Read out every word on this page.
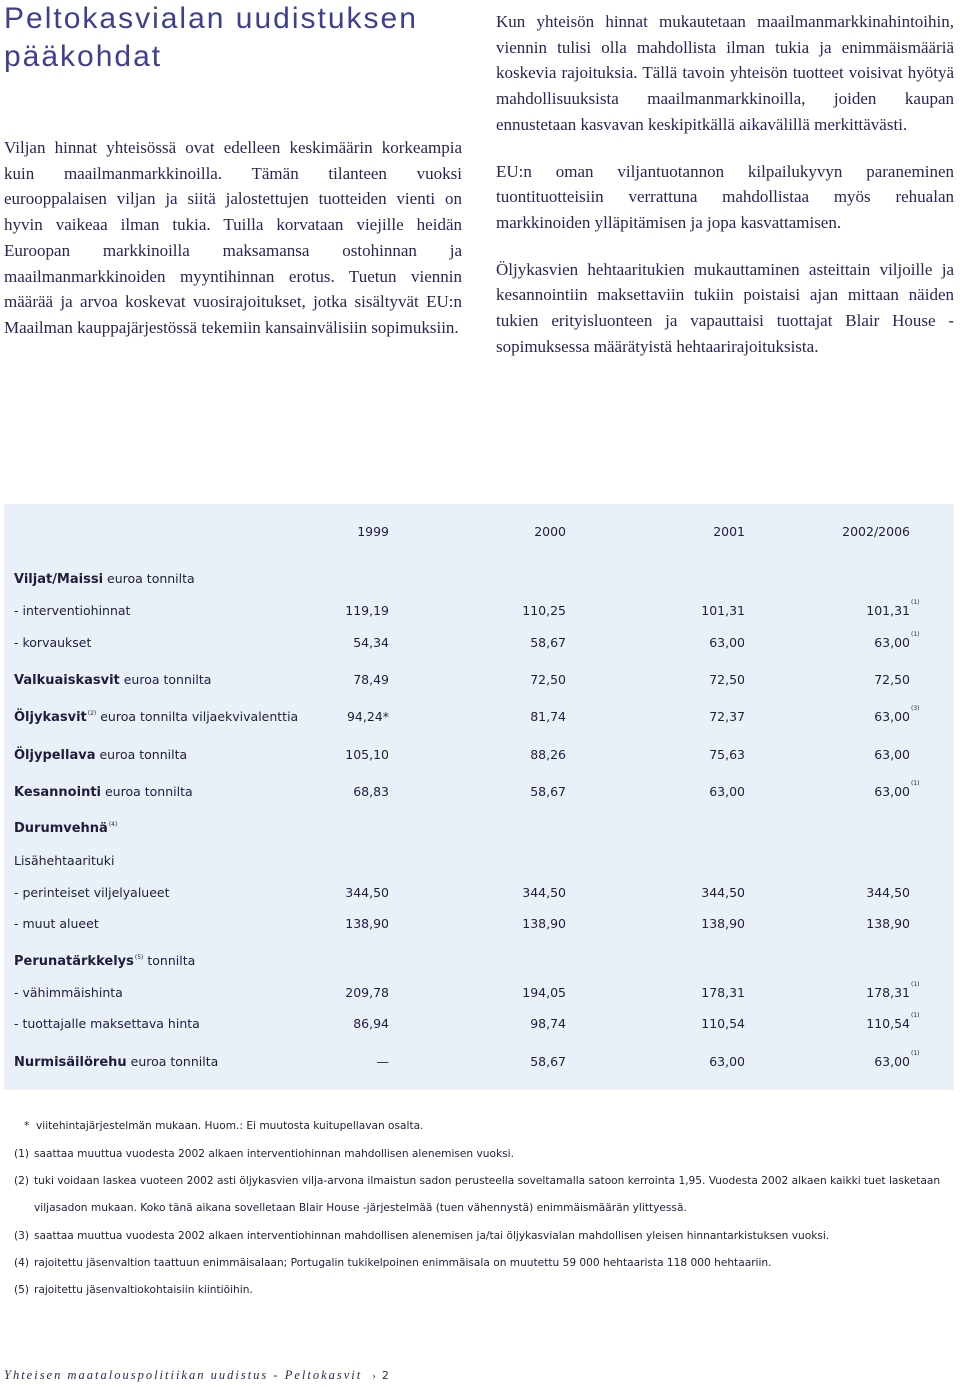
Peltokasvialan uudistuksen pääkohdat

Viljan hinnat yhteisössä ovat edelleen keskimäärin korkeampia kuin maailmanmarkkinoilla. Tämän tilanteen vuoksi eurooppalaisen viljan ja siitä jalostettujen tuotteiden vienti on hyvin vaikeaa ilman tukia. Tuilla korvataan viejille heidän Euroopan markkinoilla maksamansa ostohinnan ja maailmanmarkkinoiden myyntihinnan erotus. Tuetun viennin määrää ja arvoa koskevat vuosirajoitukset, jotka sisältyvät EU:n Maailman kauppajärjestössä tekemiin kansainvälisiin sopimuksiin.

Kun yhteisön hinnat mukautetaan maailmanmarkkinahintoihin, viennin tulisi olla mahdollista ilman tukia ja enimmäismääriä koskevia rajoituksia. Tällä tavoin yhteisön tuotteet voisivat hyötyä mahdollisuuksista maailmanmarkkinoilla, joiden kaupan ennustetaan kasvavan keskipitkällä aikavälillä merkittävästi.

EU:n oman viljantuotannon kilpailukyvyn paraneminen tuontituotteisiin verrattuna mahdollistaa myös rehualan markkinoiden ylläpitämisen ja jopa kasvattamisen.

Öljykasvien hehtaaritukien mukauttaminen asteittain viljoille ja kesannointiin maksettaviin tukiin poistaisi ajan mittaan näiden tukien erityisluonteen ja vapauttaisi tuottajat Blair House -sopimuksessa määrätyistä hehtaarirajoituksista.

1999	2000	2001	2002/2006
Viljat/Maissi euroa tonnilta
- interventiohinnat	119,19	110,25	101,31	101,31
(1)
- korvaukset	54,34	58,67	63,00	63,00
(1)
Valkuaiskasvit euroa tonnilta	78,49	72,50	72,50	72,50
Öljykasvit$^{(2)}$ euroa tonnilta viljaekvivalenttia	94,24*	81,74	72,37	63,00
(3)
Öljypellava euroa tonnilta	105,10	88,26	75,63	63,00
Kesannointi euroa tonnilta	68,83	58,67	63,00	63,00
(1)
Durumvehnä$^{(4)}$
Lisähehtaarituki
- perinteiset viljelyalueet	344,50	344,50	344,50	344,50
- muut alueet	138,90	138,90	138,90	138,90
Perunatärkkelys$^{(5)}$ tonnilta
- vähimmäishinta	209,78	194,05	178,31	178,31
(1)
- tuottajalle maksettava hinta	86,94	98,74	110,54	110,54
(1)
Nurmisäilörehu euroa tonnilta	—	58,67	63,00	63,00
(1)
* viitehintajärjestelmän mukaan. Huom.: Ei muutosta kuitupellavan osalta.
(1) saattaa muuttua vuodesta 2002 alkaen interventiohinnan mahdollisen alenemisen vuoksi.
(2) tuki voidaan laskea vuoteen 2002 asti öljykasvien vilja-arvona ilmaistun sadon perusteella soveltamalla satoon kerrointa 1,95. Vuodesta 2002 alkaen kaikki tuet lasketaan
viljasadon mukaan. Koko tänä aikana sovelletaan Blair House -järjestelmää (tuen vähennystä) enimmäismäärän ylittyessä.
(3) saattaa muuttua vuodesta 2002 alkaen interventiohinnan mahdollisen alenemisen ja/tai öljykasvialan mahdollisen yleisen hinnantarkistuksen vuoksi.
(4) rajoitettu jäsenvaltion taattuun enimmäisalaan; Portugalin tukikelpoinen enimmäisala on muutettu 59 000 hehtaarista 118 000 hehtaariin.
(5) rajoitettu jäsenvaltiokohtaisiin kiintiöihin.
Yhteisen maatalouspolitiikan uudistus - Peltokasvit › 2
